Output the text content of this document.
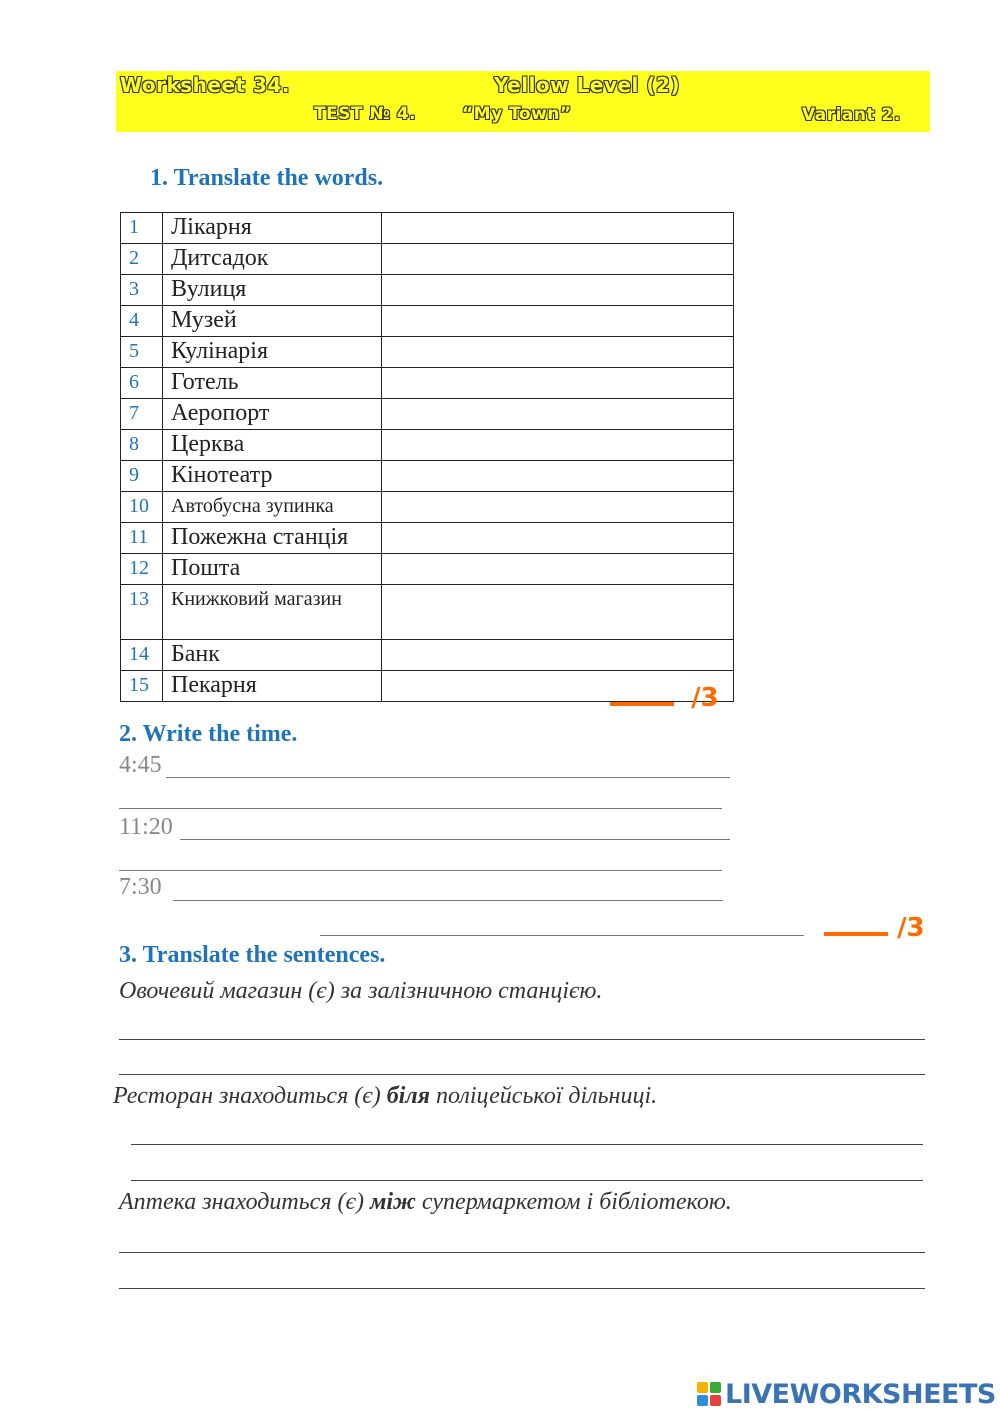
Worksheet 34.	Yellow Level (2)
TEST № 4.	“My Town”	Variant 2.
1. Translate the words.
1	Лікарня	
2	Дитсадок	
3	Вулиця	
4	Музей	
5	Кулінарія	
6	Готель	
7	Аеропорт	
8	Церква	
9	Кінотеатр	
10	Автобусна зупинка	
11	Пожежна станція	
12	Пошта	
13	Книжковий магазин	
14	Банк	
15	Пекарня		/3
2. Write the time.
4:45
11:20
7:30
/3
3. Translate the sentences.
Овочевий магазин (є) за залізничною станцією.
Ресторан знаходиться (є) біля поліцейської дільниці.
Аптека знаходиться (є) між супермаркетом і бібліотекою.
LIVEWORKSHEETS
